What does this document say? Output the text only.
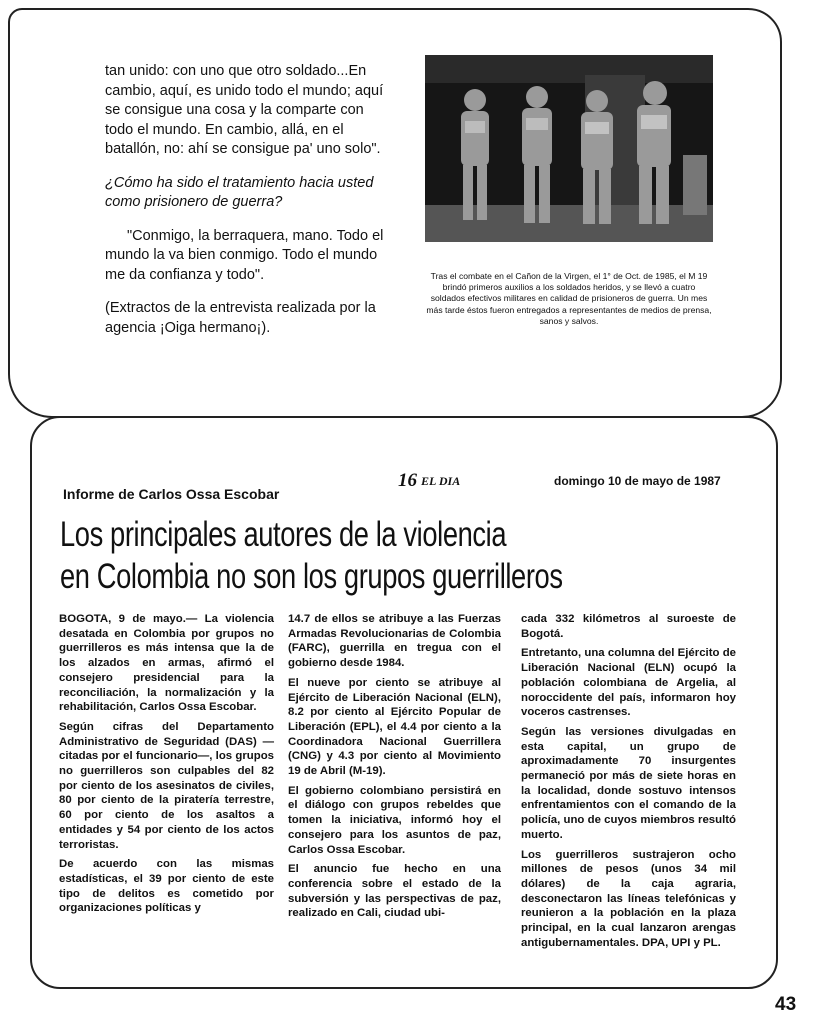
tan unido: con uno que otro soldado...En cambio, aquí, es unido todo el mundo; aquí se consigue una cosa y la comparte con todo el mundo. En cambio, allá, en el batallón, no: ahí se consigue pa' uno solo".

¿Cómo ha sido el tratamiento hacia usted como prisionero de guerra?

"Conmigo, la berraquera, mano. Todo el mundo la va bien conmigo. Todo el mundo me da confianza y todo".

(Extractos de la entrevista realizada por la agencia ¡Oiga hermano¡).

Tras el combate en el Cañon de la Virgen, el 1° de Oct. de 1985, el M 19 brindó primeros auxilios a los soldados heridos, y se llevó a cuatro soldados efectivos militares en calidad de prisioneros de guerra. Un mes más tarde éstos fueron entregados a representantes de medios de prensa, sanos y salvos.
Informe de Carlos Ossa Escobar
16 EL DIA	domingo 10 de mayo de 1987
Los principales autores de la violencia
en Colombia no son los grupos guerrilleros

BOGOTA, 9 de mayo.— La violencia desatada en Colombia por grupos no guerrilleros es más intensa que la de los alzados en armas, afirmó el consejero presidencial para la reconciliación, la normalización y la rehabilitación, Carlos Ossa Escobar.

Según cifras del Departamento Administrativo de Seguridad (DAS) —citadas por el funcionario—, los grupos no guerrilleros son culpables del 82 por ciento de los asesinatos de civiles, 80 por ciento de la piratería terrestre, 60 por ciento de los asaltos a entidades y 54 por ciento de los actos terroristas.

De acuerdo con las mismas estadísticas, el 39 por ciento de este tipo de delitos es cometido por organizaciones políticas y

14.7 de ellos se atribuye a las Fuerzas Armadas Revolucionarias de Colombia (FARC), guerrilla en tregua con el gobierno desde 1984.

El nueve por ciento se atribuye al Ejército de Liberación Nacional (ELN), 8.2 por ciento al Ejército Popular de Liberación (EPL), el 4.4 por ciento a la Coordinadora Nacional Guerrillera (CNG) y 4.3 por ciento al Movimiento 19 de Abril (M-19).

El gobierno colombiano persistirá en el diálogo con grupos rebeldes que tomen la iniciativa, informó hoy el consejero para los asuntos de paz, Carlos Ossa Escobar.

El anuncio fue hecho en una conferencia sobre el estado de la subversión y las perspectivas de paz, realizado en Cali, ciudad ubi-

cada 332 kilómetros al suroeste de Bogotá.

Entretanto, una columna del Ejército de Liberación Nacional (ELN) ocupó la población colombiana de Argelia, al noroccidente del país, informaron hoy voceros castrenses.

Según las versiones divulgadas en esta capital, un grupo de aproximadamente 70 insurgentes permaneció por más de siete horas en la localidad, donde sostuvo intensos enfrentamientos con el comando de la policía, uno de cuyos miembros resultó muerto.

Los guerrilleros sustrajeron ocho millones de pesos (unos 34 mil dólares) de la caja agraria, desconectaron las líneas telefónicas y reunieron a la población en la plaza principal, en la cual lanzaron arengas antigubernamentales. DPA, UPI y PL.

43
